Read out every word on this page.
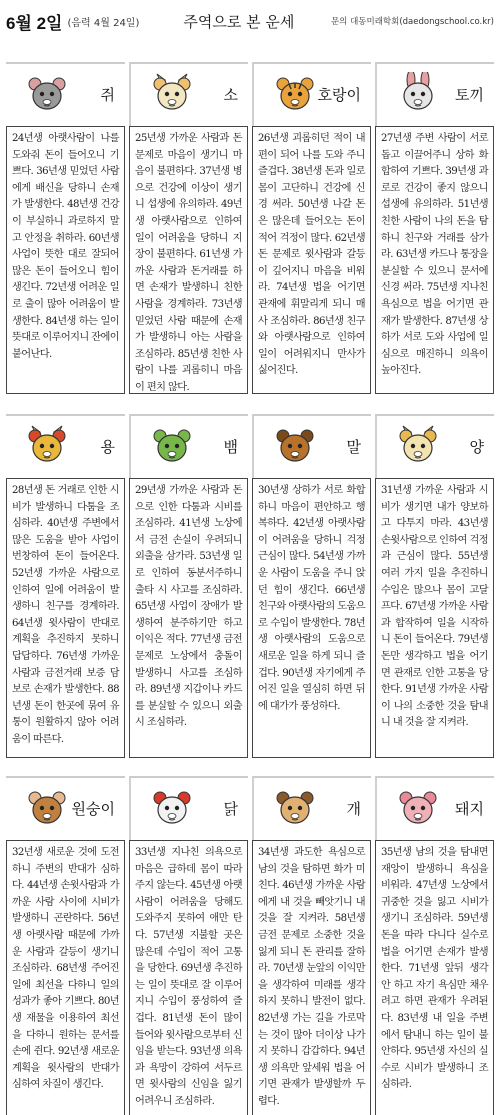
6월 2일 (음력 4월 24일)	주역으로 본 운세	문의 대동미래학회(daedongschool.co.kr)
쥐
24년생 아랫사람이 나를 도와줘 돈이 들어오니 기쁘다. 36년생 믿었던 사람에게 배신을 당하니 손재가 발생한다. 48년생 건강이 부실하니 과로하지 말고 안정을 취하라. 60년생 사업이 뜻한 대로 잘되어 많은 돈이 들어오니 힘이 생긴다. 72년생 어려운 일로 출이 많아 어려움이 발생한다. 84년생 하는 일이 뜻대로 이루어지니 잔에이 붙어난다.
소
25년생 가까운 사람과 돈 문제로 마음이 생기니 마음이 불편하다. 37년생 병으로 건강에 이상이 생기니 섭생에 유의하라. 49년생 아랫사람으로 인하여 일이 어려움을 당하니 지장이 불편하다. 61년생 가까운 사람과 돈거래를 하면 손재가 발생하니 친한 사람을 경계하라. 73년생 믿었던 사람 때문에 손재가 발생하니 아는 사람을 조심하라. 85년생 친한 사람이 나를 괴롭히니 마음이 편치 않다.
호랑이
26년생 괴롭히던 적이 내 편이 되어 나를 도와 주니 즐겁다. 38년생 돈과 일로 몸이 고단하니 건강에 신경 써라. 50년생 나갈 돈은 많은데 들어오는 돈이 적어 걱정이 많다. 62년생 돈 문제로 윗사람과 갈등이 깊어지니 마음을 비워라. 74년생 법을 어기면 관재에 휘말리게 되니 매사 조심하라. 86년생 친구와 아랫사람으로 인하여 일이 어려워지니 만사가 싫어진다.
토끼
27년생 주변 사람이 서로 돕고 이끌어주니 상하 화합하여 기쁘다. 39년생 과로로 건강이 좋지 않으니 섭생에 유의하라. 51년생 친한 사람이 나의 돈을 탐하니 친구와 거래를 삼가라. 63년생 카드나 통장을 분실할 수 있으니 문서에 신경 써라. 75년생 지나친 욕심으로 법을 어기면 관재가 발생한다. 87년생 상하가 서로 도와 사업에 일심으로 매진하니 의욕이 높아진다.
용
28년생 돈 거래로 인한 시비가 발생하니 다툼을 조심하라. 40년생 주변에서 많은 도움을 받아 사업이 번창하여 돈이 들어온다. 52년생 가까운 사람으로 인하여 일에 어려움이 발생하니 친구를 경계하라. 64년생 윗사람이 반대로 계획을 추진하지 못하니 답답하다. 76년생 가까운 사람과 금전거래 보증 담보로 손재가 발생한다. 88년생 돈이 한곳에 묶여 유통이 원활하지 않아 어려움이 따른다.
뱀
29년생 가까운 사람과 돈으로 인한 다툼과 시비를 조심하라. 41년생 노상에서 금전 손실이 우려되니 외출을 삼가라. 53년생 일로 인하여 동분서주하니 출타 시 사고를 조심하라. 65년생 사업이 장애가 발생하여 분주하기만 하고 이익은 적다. 77년생 금전 문제로 노상에서 충돌이 발생하니 사고를 조심하라. 89년생 지갑이나 카드를 분실할 수 있으니 외출 시 조심하라.
말
30년생 상하가 서로 화합하니 마음이 편안하고 행복하다. 42년생 아랫사람이 어려움을 당하니 걱정 근심이 많다. 54년생 가까운 사람이 도움을 주니 앉던 힘이 생긴다. 66년생 친구와 아랫사람의 도움으로 수입이 발생한다. 78년생 아랫사람의 도움으로 새로운 일을 하게 되니 즐겁다. 90년생 자기에게 주어진 일을 열심히 하면 뒤에 대가가 풍성하다.
양
31년생 가까운 사람과 시비가 생기면 내가 양보하고 다투지 마라. 43년생 손윗사람으로 인하여 걱정과 근심이 많다. 55년생 여러 가지 일을 추진하니 수입은 많으나 몸이 고달프다. 67년생 가까운 사람과 합작하여 일을 시작하니 돈이 들어온다. 79년생 돈만 생각하고 법을 어기면 관재로 인한 고통을 당한다. 91년생 가까운 사람이 나의 소중한 것을 탐내니 내 것을 잘 지켜라.
원숭이
32년생 새로운 것에 도전하니 주변의 반대가 심하다. 44년생 손윗사람과 가까운 사람 사이에 시비가 발생하니 곤란하다. 56년생 아랫사람 때문에 가까운 사람과 갈등이 생기니 조심하라. 68년생 주어진 일에 최선을 다하니 일의 성과가 좋아 기쁘다. 80년생 재물을 이용하여 최선을 다하니 원하는 문서를 손에 쥔다. 92년생 새로운 계획을 윗사람의 반대가 심하여 차질이 생긴다.
닭
33년생 지나친 의욕으로 마음은 급하데 몸이 따라주지 않는다. 45년생 아랫사람이 어려움을 당해도 도와주지 못하여 애만 탄다. 57년생 지불할 곳은 많은데 수입이 적어 고통을 당한다. 69년생 추진하는 일이 뜻대로 잘 이루어지니 수입이 풍성하여 즐겁다. 81년생 돈이 많이 들어와 윗사람으로부터 신임을 받는다. 93년생 의욕과 욕망이 강하여 서두르면 윗사람의 신임을 잃기 어려우니 조심하라.
개
34년생 과도한 욕심으로 남의 것을 탐하면 화가 미친다. 46년생 가까운 사람에게 내 것을 빼앗기니 내 것을 잘 지켜라. 58년생 금전 문제로 소중한 것을 잃게 되니 돈 관리를 잘하라. 70년생 눈앞의 이익만을 생각하여 미래를 생각하지 못하니 발전이 없다. 82년생 가는 길을 가로막는 것이 많아 더이상 나가지 못하니 갑갑하다. 94년생 의욕만 앞세워 법을 어기면 관재가 발생할까 두렵다.
돼지
35년생 남의 것을 탐내면 재앙이 발생하니 욕심을 비워라. 47년생 노상에서 귀중한 것을 잃고 시비가 생기니 조심하라. 59년생 돈을 따라 다니다 실수로 법을 어기면 손재가 발생한다. 71년생 앞뒤 생각 안 하고 자기 욕심만 채우려고 하면 관재가 우려된다. 83년생 내 일을 주변에서 탐내니 하는 일이 불안하다. 95년생 자신의 실수로 시비가 발생하니 조심하라.
